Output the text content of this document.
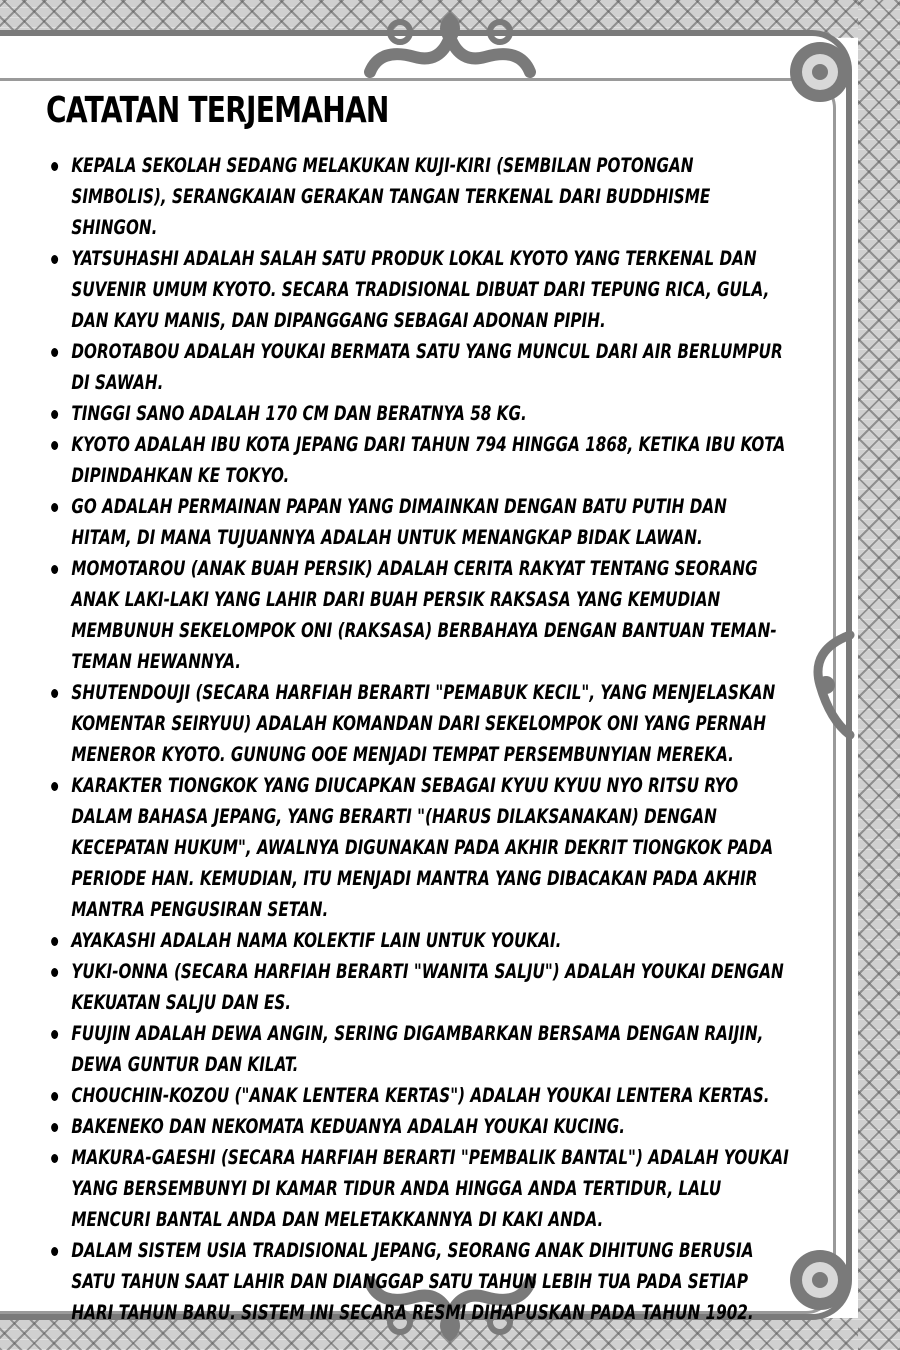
CATATAN TERJEMAHAN
KEPALA SEKOLAH SEDANG MELAKUKAN KUJI-KIRI (SEMBILAN POTONGAN SIMBOLIS), SERANGKAIAN GERAKAN TANGAN TERKENAL DARI BUDDHISME SHINGON.
YATSUHASHI ADALAH SALAH SATU PRODUK LOKAL KYOTO YANG TERKENAL DAN SUVENIR UMUM KYOTO. SECARA TRADISIONAL DIBUAT DARI TEPUNG RICA, GULA, DAN KAYU MANIS, DAN DIPANGGANG SEBAGAI ADONAN PIPIH.
DOROTABOU ADALAH YOUKAI BERMATA SATU YANG MUNCUL DARI AIR BERLUMPUR DI SAWAH.
TINGGI SANO ADALAH 170 CM DAN BERATNYA 58 KG.
KYOTO ADALAH IBU KOTA JEPANG DARI TAHUN 794 HINGGA 1868, KETIKA IBU KOTA DIPINDAHKAN KE TOKYO.
GO ADALAH PERMAINAN PAPAN YANG DIMAINKAN DENGAN BATU PUTIH DAN HITAM, DI MANA TUJUANNYA ADALAH UNTUK MENANGKAP BIDAK LAWAN.
MOMOTAROU (ANAK BUAH PERSIK) ADALAH CERITA RAKYAT TENTANG SEORANG ANAK LAKI-LAKI YANG LAHIR DARI BUAH PERSIK RAKSASA YANG KEMUDIAN MEMBUNUH SEKELOMPOK ONI (RAKSASA) BERBAHAYA DENGAN BANTUAN TEMAN-TEMAN HEWANNYA.
SHUTENDOUJI (SECARA HARFIAH BERARTI "PEMABUK KECIL", YANG MENJELASKAN KOMENTAR SEIRYUU) ADALAH KOMANDAN DARI SEKELOMPOK ONI YANG PERNAH MENEROR KYOTO. GUNUNG OOE MENJADI TEMPAT PERSEMBUNYIAN MEREKA.
KARAKTER TIONGKOK YANG DIUCAPKAN SEBAGAI KYUU KYUU NYO RITSU RYO DALAM BAHASA JEPANG, YANG BERARTI "(HARUS DILAKSANAKAN) DENGAN KECEPATAN HUKUM", AWALNYA DIGUNAKAN PADA AKHIR DEKRIT TIONGKOK PADA PERIODE HAN. KEMUDIAN, ITU MENJADI MANTRA YANG DIBACAKAN PADA AKHIR MANTRA PENGUSIRAN SETAN.
AYAKASHI ADALAH NAMA KOLEKTIF LAIN UNTUK YOUKAI.
YUKI-ONNA (SECARA HARFIAH BERARTI "WANITA SALJU") ADALAH YOUKAI DENGAN KEKUATAN SALJU DAN ES.
FUUJIN ADALAH DEWA ANGIN, SERING DIGAMBARKAN BERSAMA DENGAN RAIJIN, DEWA GUNTUR DAN KILAT.
CHOUCHIN-KOZOU ("ANAK LENTERA KERTAS") ADALAH YOUKAI LENTERA KERTAS.
BAKENEKO DAN NEKOMATA KEDUANYA ADALAH YOUKAI KUCING.
MAKURA-GAESHI (SECARA HARFIAH BERARTI "PEMBALIK BANTAL") ADALAH YOUKAI YANG BERSEMBUNYI DI KAMAR TIDUR ANDA HINGGA ANDA TERTIDUR, LALU MENCURI BANTAL ANDA DAN MELETAKKANNYA DI KAKI ANDA.
DALAM SISTEM USIA TRADISIONAL JEPANG, SEORANG ANAK DIHITUNG BERUSIA SATU TAHUN SAAT LAHIR DAN DIANGGAP SATU TAHUN LEBIH TUA PADA SETIAP HARI TAHUN BARU. SISTEM INI SECARA RESMI DIHAPUSKAN PADA TAHUN 1902.
